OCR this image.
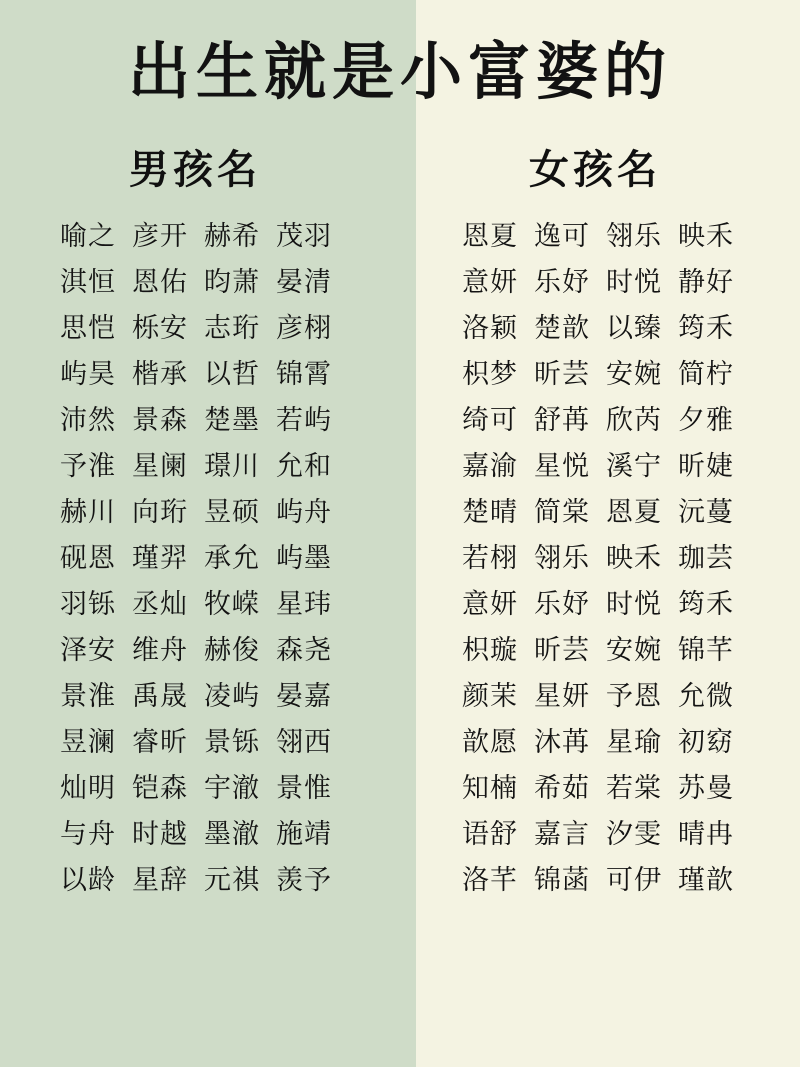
出生就是小富婆的
男孩名
喻之 彦开 赫希 茂羽
淇恒 恩佑 昀萧 晏清
思恺 栎安 志珩 彦栩
屿昊 楷承 以哲 锦霄
沛然 景森 楚墨 若屿
予淮 星阑 璟川 允和
赫川 向珩 昱硕 屿舟
砚恩 瑾羿 承允 屿墨
羽铄 丞灿 牧嵘 星玮
泽安 维舟 赫俊 森尧
景淮 禹晟 凌屿 晏嘉
昱澜 睿昕 景铄 翎西
灿明 铠森 宇澈 景惟
与舟 时越 墨澈 施靖
以龄 星辞 元祺 羡予
女孩名
恩夏 逸可 翎乐 映禾
意妍 乐妤 时悦 静好
洛颖 楚歆 以臻 筠禾
枳梦 昕芸 安婉 简柠
绮可 舒苒 欣芮 夕雅
嘉渝 星悦 溪宁 昕婕
楚晴 简棠 恩夏 沅蔓
若栩 翎乐 映禾 珈芸
意妍 乐妤 时悦 筠禾
枳璇 昕芸 安婉 锦芊
颜茉 星妍 予恩 允微
歆愿 沐苒 星瑜 初窈
知楠 希茹 若棠 苏曼
语舒 嘉言 汐雯 晴冉
洛芊 锦菡 可伊 瑾歆
